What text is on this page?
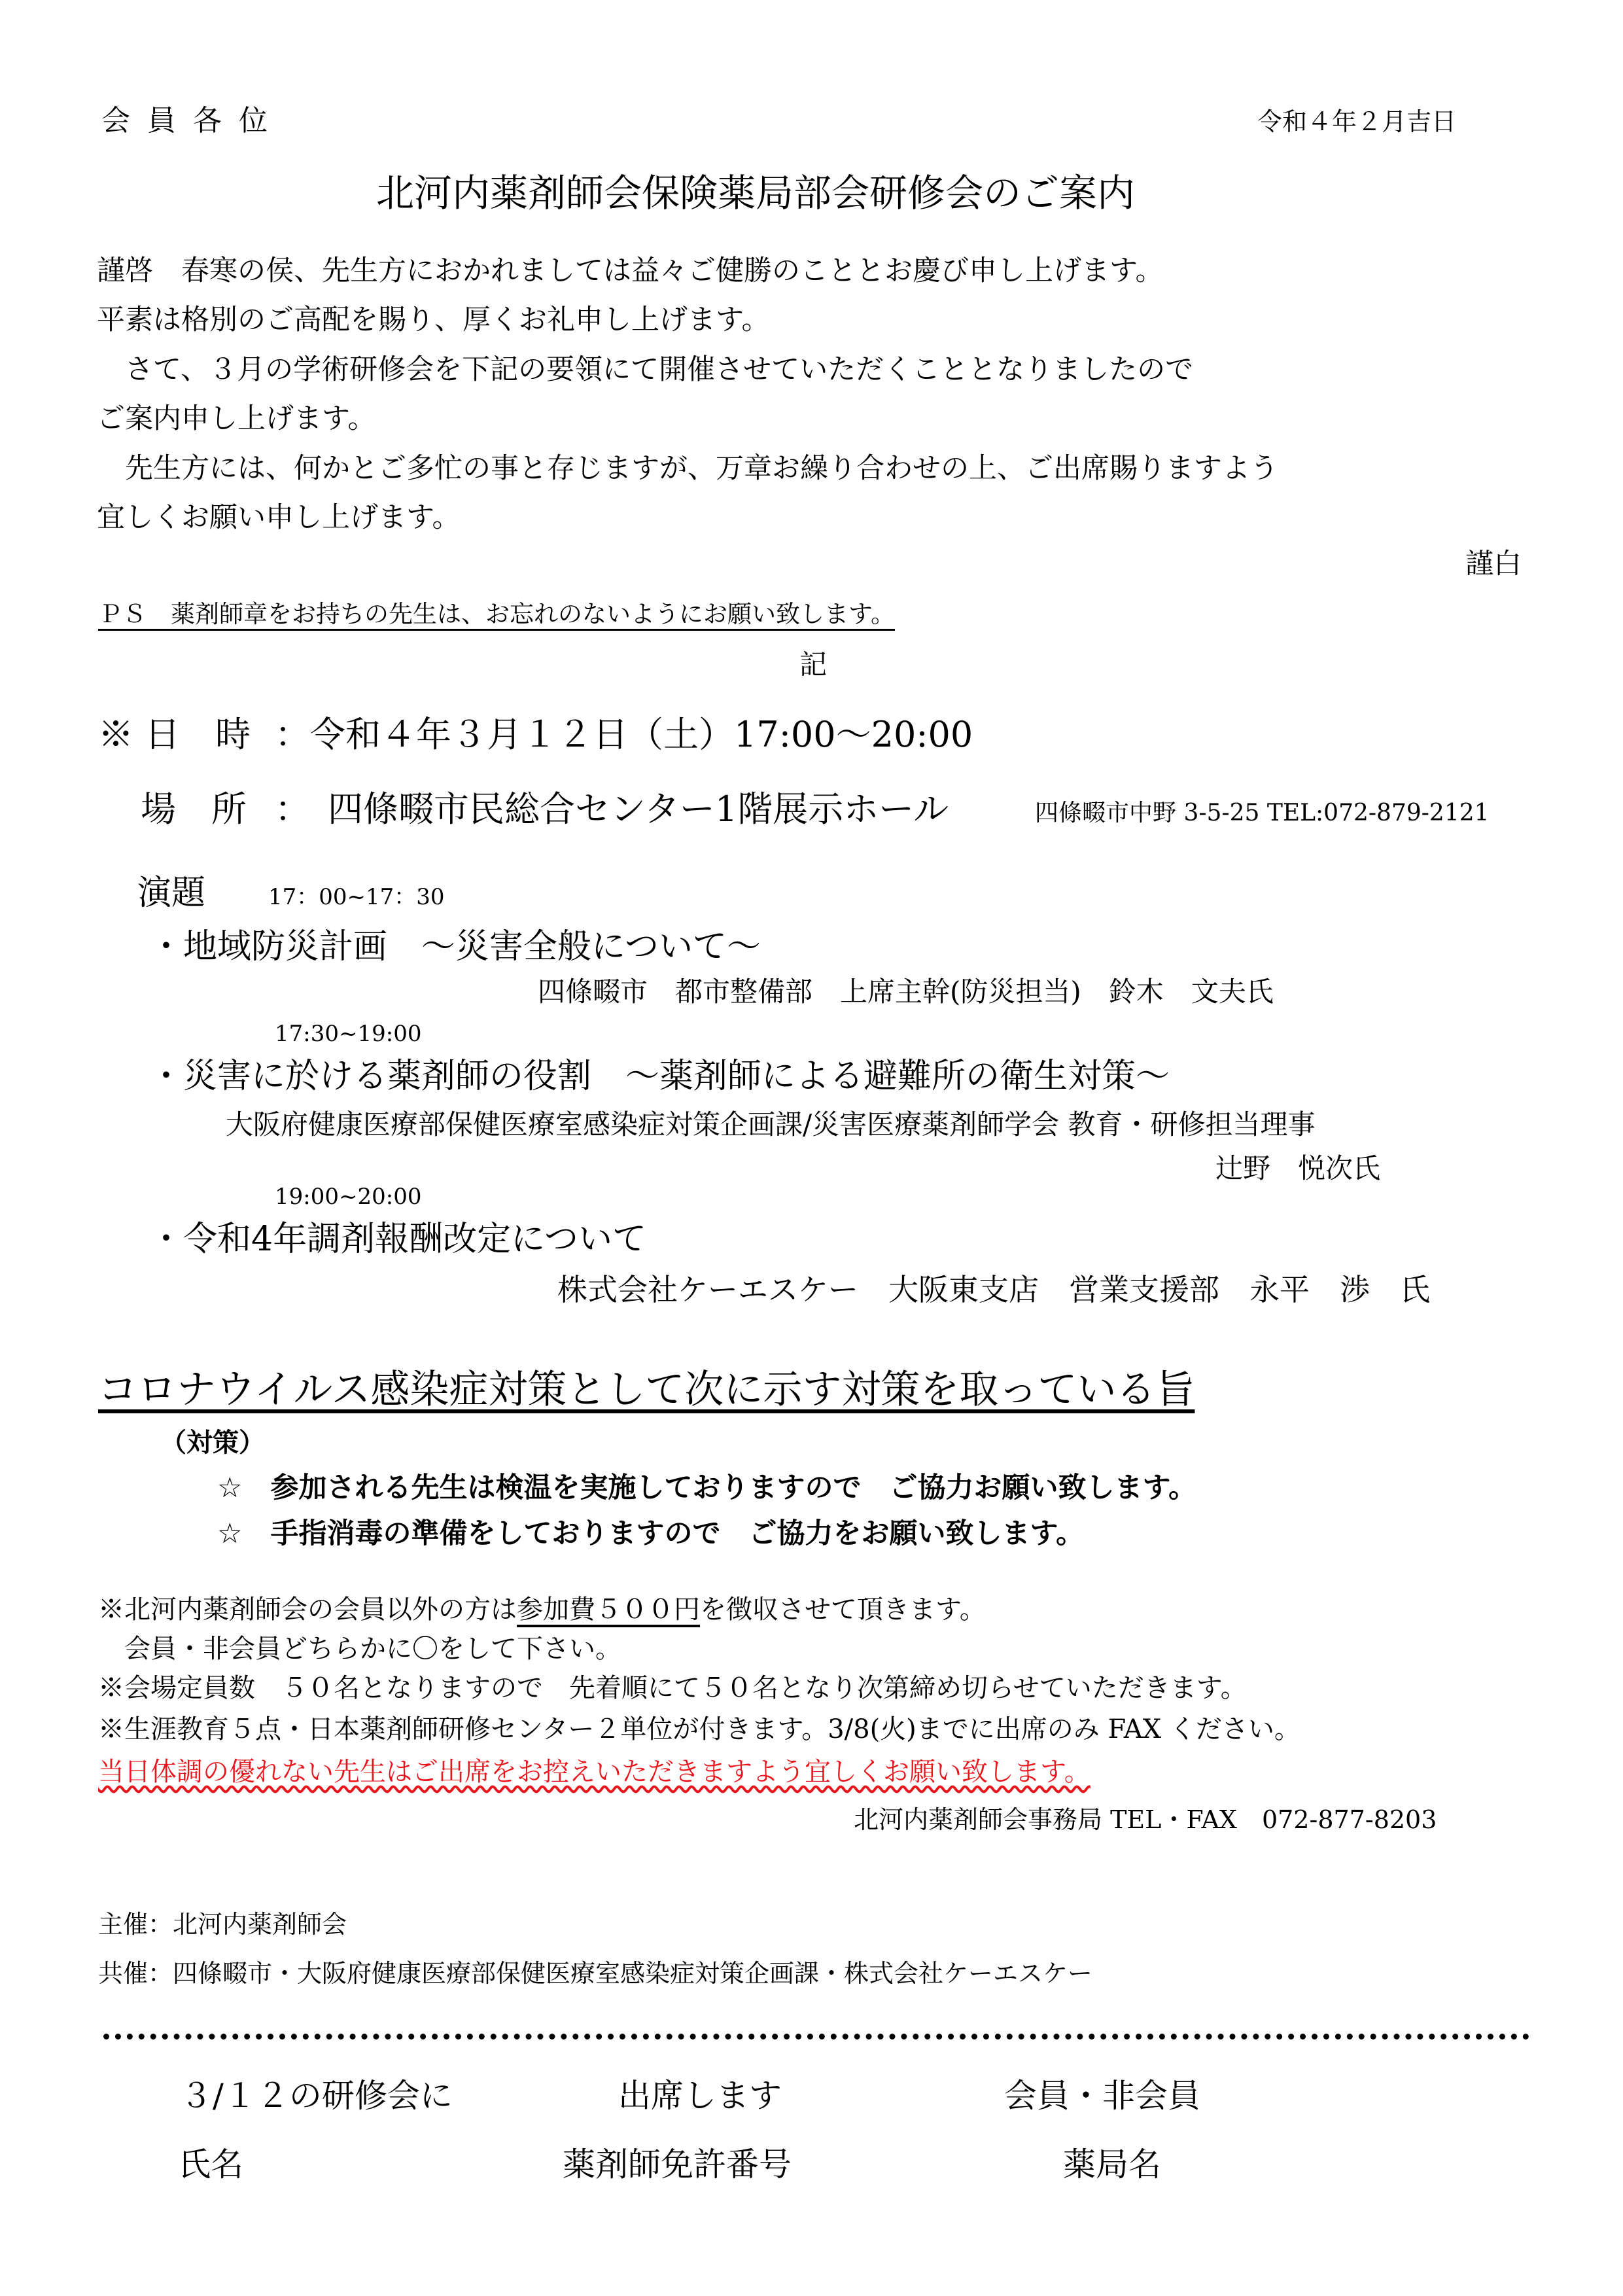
会 員 各 位	令和４年２月吉日
北河内薬剤師会保険薬局部会研修会のご案内
謹啓　春寒の侯、先生方におかれましては益々ご健勝のこととお慶び申し上げます。
平素は格別のご高配を賜り、厚くお礼申し上げます。
　さて、３月の学術研修会を下記の要領にて開催させていただくこととなりましたので
ご案内申し上げます。
　先生方には、何かとご多忙の事と存じますが、万章お繰り合わせの上、ご出席賜りますよう
宜しくお願い申し上げます。
謹白
ＰＳ　薬剤師章をお持ちの先生は、お忘れのないようにお願い致します。
記
※ 日　時 ：令和４年３月１２日（土）17:00～20:00
場　所 ：　四條畷市民総合センター1階展示ホール	四條畷市中野 3-5-25 TEL:072-879-2121
演題	17：00~17：30
・地域防災計画　～災害全般について～
四條畷市　都市整備部　上席主幹(防災担当)　鈴木　文夫氏
17:30~19:00
・災害に於ける薬剤師の役割　～薬剤師による避難所の衛生対策～
大阪府健康医療部保健医療室感染症対策企画課/災害医療薬剤師学会 教育・研修担当理事
辻野　悦次氏
19:00~20:00
・令和4年調剤報酬改定について
株式会社ケーエスケー　大阪東支店　営業支援部　永平　渉　氏
コロナウイルス感染症対策として次に示す対策を取っている旨
（対策）
☆　参加される先生は検温を実施しておりますので　ご協力お願い致します。
☆　手指消毒の準備をしておりますので　ご協力をお願い致します。
※北河内薬剤師会の会員以外の方は参加費５００円を徴収させて頂きます。
　会員・非会員どちらかに〇をして下さい。
※会場定員数　５０名となりますので　先着順にて５０名となり次第締め切らせていただきます。
※生涯教育５点・日本薬剤師研修センター２単位が付きます。3/8(火)までに出席のみ FAX ください。
当日体調の優れない先生はご出席をお控えいただきますよう宜しくお願い致します。
北河内薬剤師会事務局 TEL・FAX　072-877-8203
主催：北河内薬剤師会
共催：四條畷市・大阪府健康医療部保健医療室感染症対策企画課・株式会社ケーエスケー
３/１２の研修会に	出席します	会員・非会員
氏名	薬剤師免許番号	薬局名
